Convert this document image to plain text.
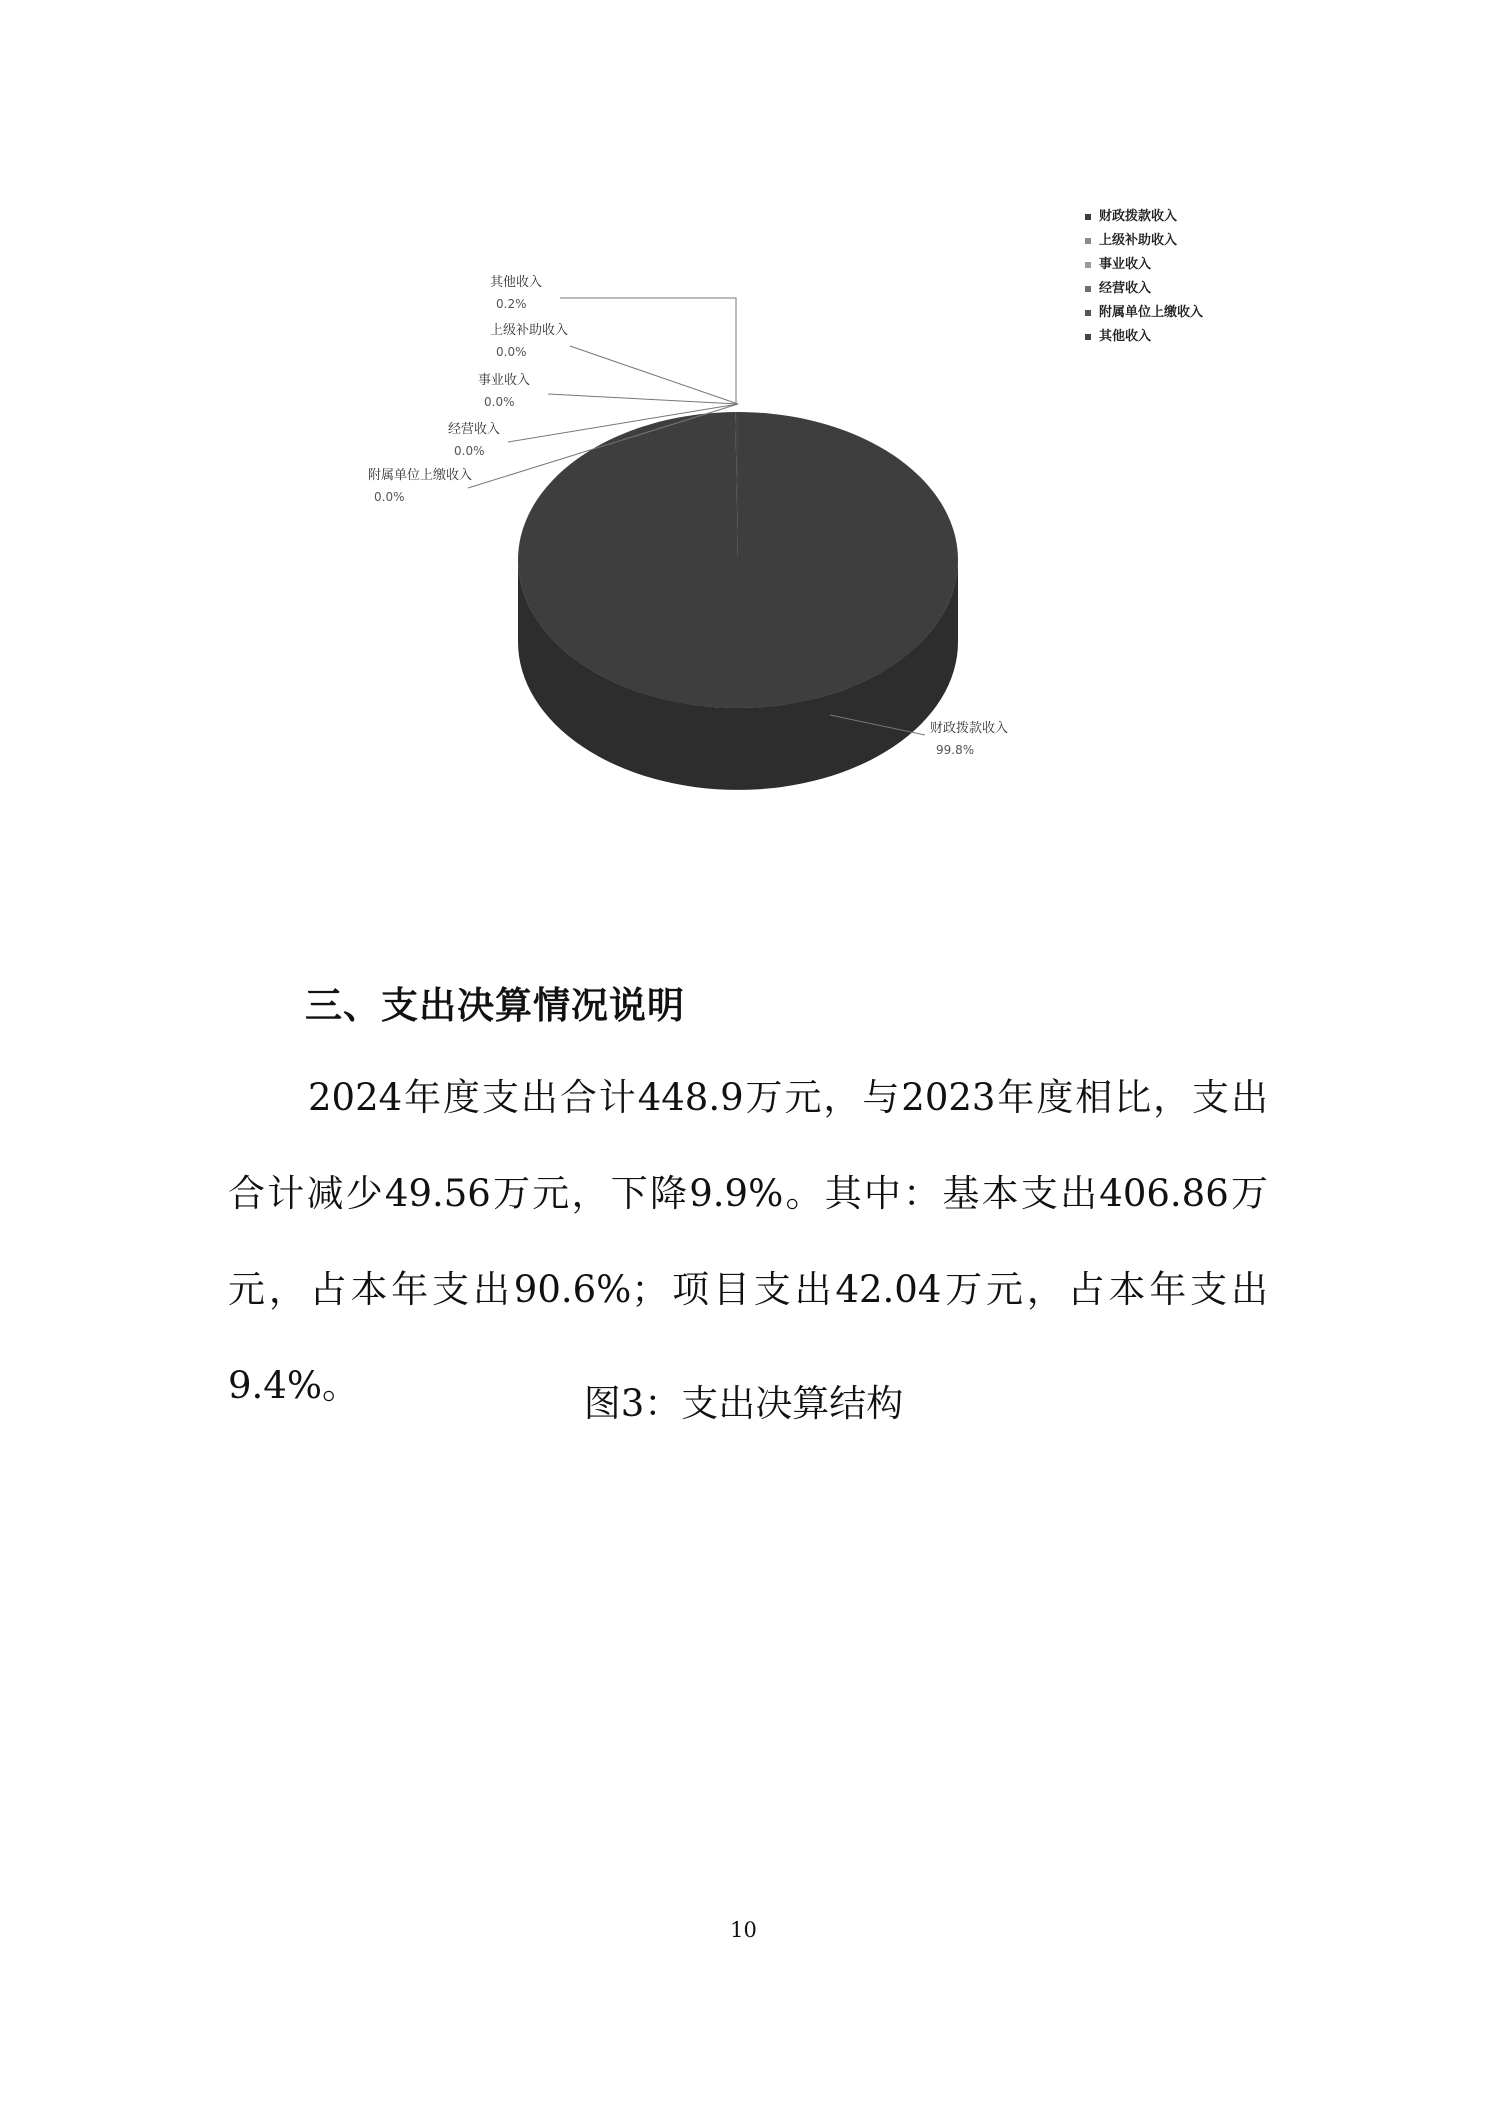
财政拨款收入
99.8%
上级补助收入
0.0%
事业收入
0.0%
经营收入
0.0%
附属单位上缴收入
0.0%
其他收入
0.2%
财政拨款收入
上级补助收入
事业收入
经营收入
附属单位上缴收入
其他收入
三、支出决算情况说明
2024年度支出合计448.9万元，与2023年度相比，支出合计减少49.56万元，下降9.9%。其中：基本支出406.86万元，占本年支出90.6%；项目支出42.04万元，占本年支出9.4%。	图3：支出决算结构
10
